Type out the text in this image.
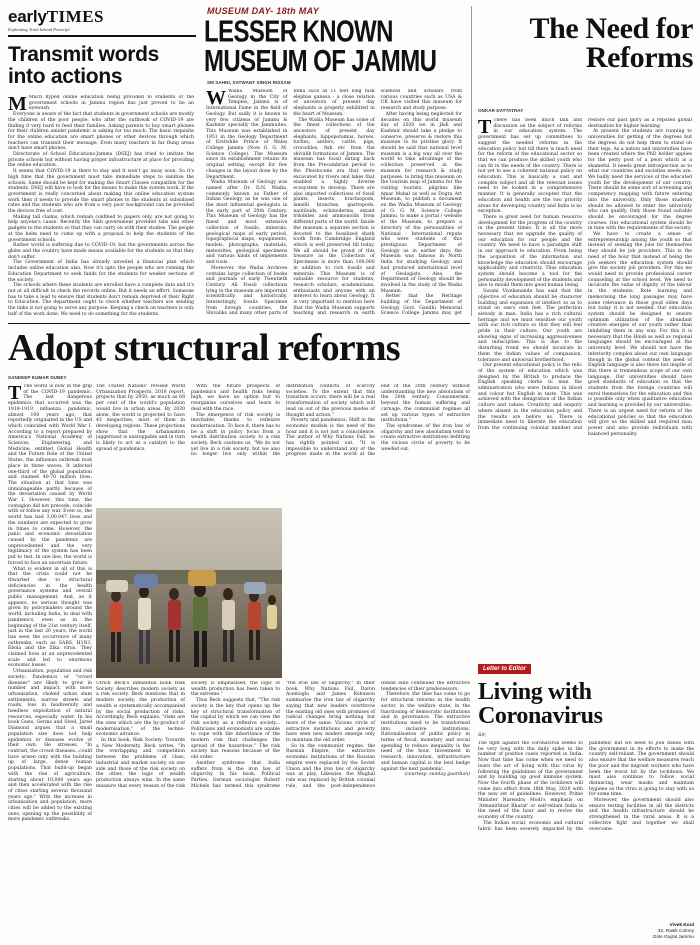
earlyTIMES
Explaining Truth behind Powerful
Transmit words into actions

M Much hyped online education being provided to students of the government schools in Jammu region has just proved to be an eyewash.

Everyone is aware of the fact that students in government schools are mostly the children of the poor people, who after the outbreak of COVID-19 are finding it very hard to feed their families. Asking parents to buy smart phones for their children amidst pandemic is asking for too much. The basic requisite for the online education are smart phones or other devices through which teachers can transmit their message. Even many teachers in far flung areas don't have smart phones.

Directorate of School Educations-Jammu (DSEJ) has tried to imitate the private schools but without having proper infrastructure at place for providing the online education.

It seems that COVID-19 is there to stay and it won't go away soon. So it's high time that the government must take immediate steps to sanitise the schools. Same should be kept for making the Smart Classes compatible for the students. DSEJ will have to look for the means to make this system work. If the government is really concerned about making this online education system work then it needs to provide the smart phones to the students at subsidised rates and the students who are from a very poor background can be provided the devices free of cost.

Making tall claims, which remain confined to papers only, are not going to help anyone's cause. Recently the Sikh government provided tabs and other gadgets to the students so that they can carry on with their studies. The people at the helm need to come up with a proposal to help the students of the government schools.

Rather world is suffering due to COVID-19, but the governments across the globe and the country have made means available for the students so that they don't suffer.

The Government of India has already unveiled a financial plan which includes online education also. Now it's upto the people who are running the Education Department to seek funds for the students for weaker sections of the society.

The schools where these students are enrolled have a complete data and it's not at all difficult to check the records online. But it needs an effort. Someone has to take a lead to ensure that students don't remain deprived of their Right to Education. The department ought to check whether teachers are sending the links is not going to serve any purpose. Keeping a check on teachers is only half of the work done. We need to do something for the students.

MUSEUM DAY- 18th MAY
LESSER KNOWN MUSEUM OF JAMMU
SM SAHNI, SATWANT SINGH RISSAM

W Wadia Museum of Geology in the City of Temples, Jammu is of International Fame in the field of Geology. But sadly it is known to very few citizens of Jammu & Kashmir specially the Jammuites. This Museum was established in 1951 in the Geology Department of Erstwhile Prince of Wales College Jammu (Now G. G. M. Science College). The Museum since its establishment retains its original setting, except for few changes in the layout done by the Department.

Wadia Museum of Geology was named after Dr. D.N. Wadia, commonly known as Father of Indian Geology, as he was one of the most influential geologists in the early part of 20th Century. This Museum of Geology has the finest and most extensive collection of fossils, minerals, geological maps of early period, topographical maps, equipments, models, photographs, materials, meteorites, geological specimens and various kinds of implements and tools.

Moreover, the Wadia Archives contains large collection of books and journals of early Twentieth Century. All Fossil collections lying in the museum are important scientifically and historically. Interestingly, fossils Specimen from foreign countries, the Shivaliks and many other parts of India such as 11 feet long tusk elephas ganesa - a close relation of ancestors of present day elephants is properly exhibited in the heart of Museum.

The Wadia Museum has some of the finest collections of the ancestors of present day elephants, hippopotamus, horses, turtles, antlers, cattle, pigs, crocodiles, fish etc from the shivalik formations of Jammu. The museum has fossil dating back from the Precambrian period to the Pleistocene era that were excavated by rivers and lakes that enabled a highly diverse ecosystem to develop. There are also imported collections of fossil plants, insects, brachiopods, lamelli branches, gastropods, nautiloids, echinoderms, extant trilobites and ammonoids from different parts of the world. Inside the museum a separate section is devoted to the fossilized shark tooth from Cambridge England which is well preserved till today. We all should be proud of this treasure as the Collection of Specimens is more than 100,000 in addition to rich fossils and minerals. This Museum is of valuable resource for students, research scholars, academicians, enthusiasts and anyone with an interest to learn about Geology. It is very important to mention here that the Wadia Museum supports teaching and research in earth sciences and scholars from various countries such as USA & UK have visited this museum for research and study purpose.

After having being neglected for decades on this world museum day of 2020 we in J&K and Kashmir should take a pledge to conserve, preserve & restore this museum to its pristine glory. It should be said that national level museum is a big way all over the world to take advantage of the collection preserved in the museum for research & study purposes, to bring this museum on the tourism map of Jammu for the visiting tourists, pilgrims like Amar Mahal as well as Dogra Art Museum, to publish a document on the Wadia Museum of Geology of G. G. M. Science College Jammu, to make a portal / website of the Museum, to prepare a directory of the personalities of National - International repute who were students of this prestigious Department of Geology as in earlier days the Museum was famous in North India for studying Geology and had produced international level of Geologists. Also, the Department of Geology should be involved in the study of the Wadia Museum.

Better that the Heritage building of the Department of Geology Govt. Gandhi Memorial Science College Jammu may get

The Need for Reforms
ONKAR DATTATRAY

T There has been much talk and discussion on the subject of reforms in our education system. The government has set up committees to suggest the needed reforms in the education policy but till there is much need for the reform of the educational sector so that we can produce the skilled youth who can fit in the needs of the country. There is not yet to see a coherent national policy on education. This is basically a vast and complex subject and all the relevant issues need to be looked in a comprehensive manner. It is generally accepted that the education and health are the two priority areas for developing country and India is no exception.

There is great need for human resource development for the progress of the country in the present times. It is all the more necessary that we upgrade the quality of our education for our people and the country. We need to have a paradigm shift in our approach to education. From being the acquisition of the information and knowledge the education should encourage applicability and creativity. Thus education system should become a tool for the personality development of the students and also to mould them into good human being.

Swami Vivekananda has said that the objective of education should be character building and expansion of intellect so as to stand on one's own feet. The perfection already in man. India has a rich cultural heritage and we must sensitise our youth with our rich culture so that they will feel pride in their culture. Our youth are showing signs of increasing aggressiveness and indiscipline. This is due to the disturbing trend we should inculcate in them the Indian values of compassion, tolerance and universal brotherhood.

Our present educational policy is the relic of the system of education which was designed by the British to produce the English speaking clerks to man the administration who were Indians in blood and colour but English in taste. This was achieved with the denigration of the Indian culture and values. Creativity and enquiry where absent in the education policy and the results are before us. There is immediate need to liberate the education from the continuing colonial mindset and restore our past glory as a reputed global destination for higher learning.

At present the students are running to universities for getting of the degrees but the degrees do not help them to stand on their legs. As a nation and universities have been created where the PhD holder applies for the petty post of a peon which is a shameful. It needs great introspection as to what our countries and societies needs are. We badly need the services of the educated youth for the development of our country. There should be some sort of screening and competency mapping with future entering into the university. Only those students should be allowed to enter the university who can qualify. Only those found suitable should be encouraged for the degree courses. Our educational system should be in tune with the requirements of the society.

We have to create a sense of entrepreneurship among the youth so that instead of seeking the jobs for themselves they should be job providers. This is the need of the hour that instead of being the job seekers the education system should give the society job providers. For this we would need to provide professional career counseling at the school level. We need to inculcate the value of dignity of the labour in the students. Rote learning and memorising the long passages may have some relevance in those good olden days but today it is not needed. Our education system should be designed to ensure optimum utilization of the abundant creative energies of our youth rather than inhibiting them in any way. For this it is necessary that the Hindi as well as regional languages should be encouraged at the university level. We should not have the inferiority complex about our own language though in the global context the need of English language is also there but inspite of this there is tremendous scope of our own language. Our universities should have good standards of education so that the students from the foreign countries will enrol themselves for the education and this is possible only when qualitative education and learning is provided by our universities. There is an urgent need for reform of the educational policies so that the education will give us the skilled and required man power and also provide individuals with balanced personality.

Adopt structural reforms
SANDEEP KUMAR DUBEY

T The world is now in the grip of the COVID-19 pandemic. The last dangerous epidemics that occurred was the 1918-1919 influenza pandemic, almost 100 years ago, that reportedly originated in the US and which coincided with World War I. According to a report prepared by America's National Academy of Sciences, Engineering, and Medicine, entitled Global Health and the Future Role of the United States, the influenza outbreak took place in three waves. It infected one-third of the global population and claimed 40-70 million lives. The situation at that time was unmanageable partly because of the devastation caused by World War I. However, this time, the contagion did not precede, coincide with or follow any war. Even so, the world has had 3,00,047 lives and the numbers are expected to grow in times to come. However, the panic and economic devastation caused by the pandemic are unprecedented and the very legitimacy of the system has been put to test. In one line, the world is forced to face an uncertain future.

What is evident in all of this is that the crisis could not be thwarted due to structural deficiencies in the health governance systems and overall public management. And, as it appears, no serious thought was given by policymakers around the world, including India, to deal with pandemics, even as in the beginning of the 21st century itself, just in the last 20 years, the world has seen the occurrence of many outbreaks, such as SARS, H1N1, Ebola and the Zika virus. They claimed lives at an unprecedented scale and led to enormous economic losses.

Urbanisation, population and risk society: Pandemics or "crowd diseases" are likely to grow in number and impact, with more urbanisation, choked urban slum settlements, narrow streets and roads, loss in biodiversity and heedless exploitation of natural resources, especially water. In his book Guns, Germs and Steel, Jared Diamond argues that a small population size does not help epidemics or diseases evolve of their own. He stresses, "In contrast, the crowd diseases...could have arisen only with the building up of large, dense human populations. That build-up began with the rise of agriculture, starting about 10,000 years ago and then accelerated with the rise of cities starting several thousand years ago." With the increase in urbanisation and population, more cities will be added to the existing ones, opening up the possibility of more pandemic outbreaks.

The United Nations' revised World Urbanization Prospects, 2018 report, projects that by 2050, as much as 68 per cent of the world's population would live in urban areas. By 2030 alone, the world is projected to have 43 megacities, most of them in developing regions. These projections show that the urbanisation juggernaut is unstoppable and in turn is likely to act as a catalyst to the spread of pandemics.

With the future prospects of pandemics and health risks being high, we have no option but to reorganise ourselves and learn to deal with the race.

The emergence of risk society is inevitable, thanks to reflexive modernisation. To face it, there has to be a shift in policy focus from a wealth distribution society to a risk society. Beck cautions us, "We do not yet live in a risk society, but we also no longer live only within the distribution conflicts of scarcity societies. To the extent that this transition occurs, there will be a real transformation of society which will lead us out of the previous modes of thought and action."

Poverty and pandemics: Shift in the economic models is the need of the hour and it is not just a coincidence. The author of Why Nations Fail, he has rightly pointed out, "It is impossible to understand any of the progress made in the world at the end of the 20th century without understanding the new absolutism of the 20th century. Consumerism, beyond the human suffering and carnage, the communist regimes all set up various types of extractive institutions."

The syndromes of the iron law of oligarchy and new absolutism tend to create extractive institutions befitting the vicious circle of poverty to be weeded out.

Ulrich Beck's influential book Risk Society, describes modern society as a risk society. Beck mentions that in modern society, the production of wealth is systematically accompanied by the social production of risks. Accordingly, Beck explains, "risks are the ones which are the by-product of modernisation," of the techno-economic advance.

In this book, Risk Society: Towards a New Modernity, Beck writes, "In the overlapping and competition between the problems of class, industrial and market society on one side and those of the risk society on the other, the logic of wealth production always wins. In the same measure that every reason of the risk society is emphasised, the logic of wealth production has been taken to the extreme."

Thus Beck suggests that, "The risk society is the key that opens up the key of structural transformation of the capital by which we can view the risk society as a reflexive society... Politicians and economists are unable to cope with the inheritance of the modern risk that challenges the spread of the hazardous." The risk society has reasons because of the old order.

Another syndrome that India suffers from is the iron law of oligarchy. In his book, Political Parties, German sociologist Robert Michels has termed this syndrome "the iron law of oligarchy." In their book, Why Nations Fail, Daron Acemoglu and James Robinson summarise the iron law of oligarchy saying that new leaders overthrow the existing old ones with promises of radical changes bring nothing but more of the same. Vicious circle of extractive institutions and poverty have seen new leaders emerge only to maintain the old order.

So in the communist regime, the Russian Empire, the extractive economic institutions of the Russian empire were replaced by the Soviet Union and the iron law of oligarchy was at play. Likewise, the Mughal rule was replaced by British colonial rule, and the post-independence Indian elite continued the extractive tendencies of their predecessors.

Therefore, the time has come to go for structural reforms in the health sector, in the welfare state, in the functioning of democratic institutions and in governance. The extractive institutions need to be transformed into inclusive institutions. Rationalisation of public policy in terms of fiscal, monetary and social spending to reduce inequality is the need of the hour. Investment in research, innovation, infrastructure and human capital is the best hedge against the next pandemic.

(courtesy: sunday guardian)

Letter to Editor
Living with Coronavirus
Sir,

The fight against the coronavirus seems to be very long with the daily spike in the number of positive cases reported in India. Now that time has come when we need to learn the art of living with this virus by following the guidelines of the government and by building up good immune system. Now the fourth phase of the lockdown will come into effect from 18th May, 2020 with the new set of guidelines. However, Prime Minister Narendra Modi's emphasis on 'Atmanirbhar Bharat' or self-reliant India is the need of the hour and to revive the economy of the country.

The Indian social, economic and cultural fabric has been severely impacted by the pandemic but we need to join hands with the government in its efforts to make the country self-reliant. The government should also ensure that the welfare measures reach the poor and the migrant workers who have been the worst hit by the lockdown. We must also continue to follow social distancing, wear masks and maintain hygiene as the virus is going to stay with us for some time.

Moreover, the government should also ensure testing facilities in all the districts and the health infrastructure should be strengthened in the rural areas. It is a collective fight and together we shall overcome.

Vivek Koul
32, Rasik Colony
Gole Gujral Jammu
